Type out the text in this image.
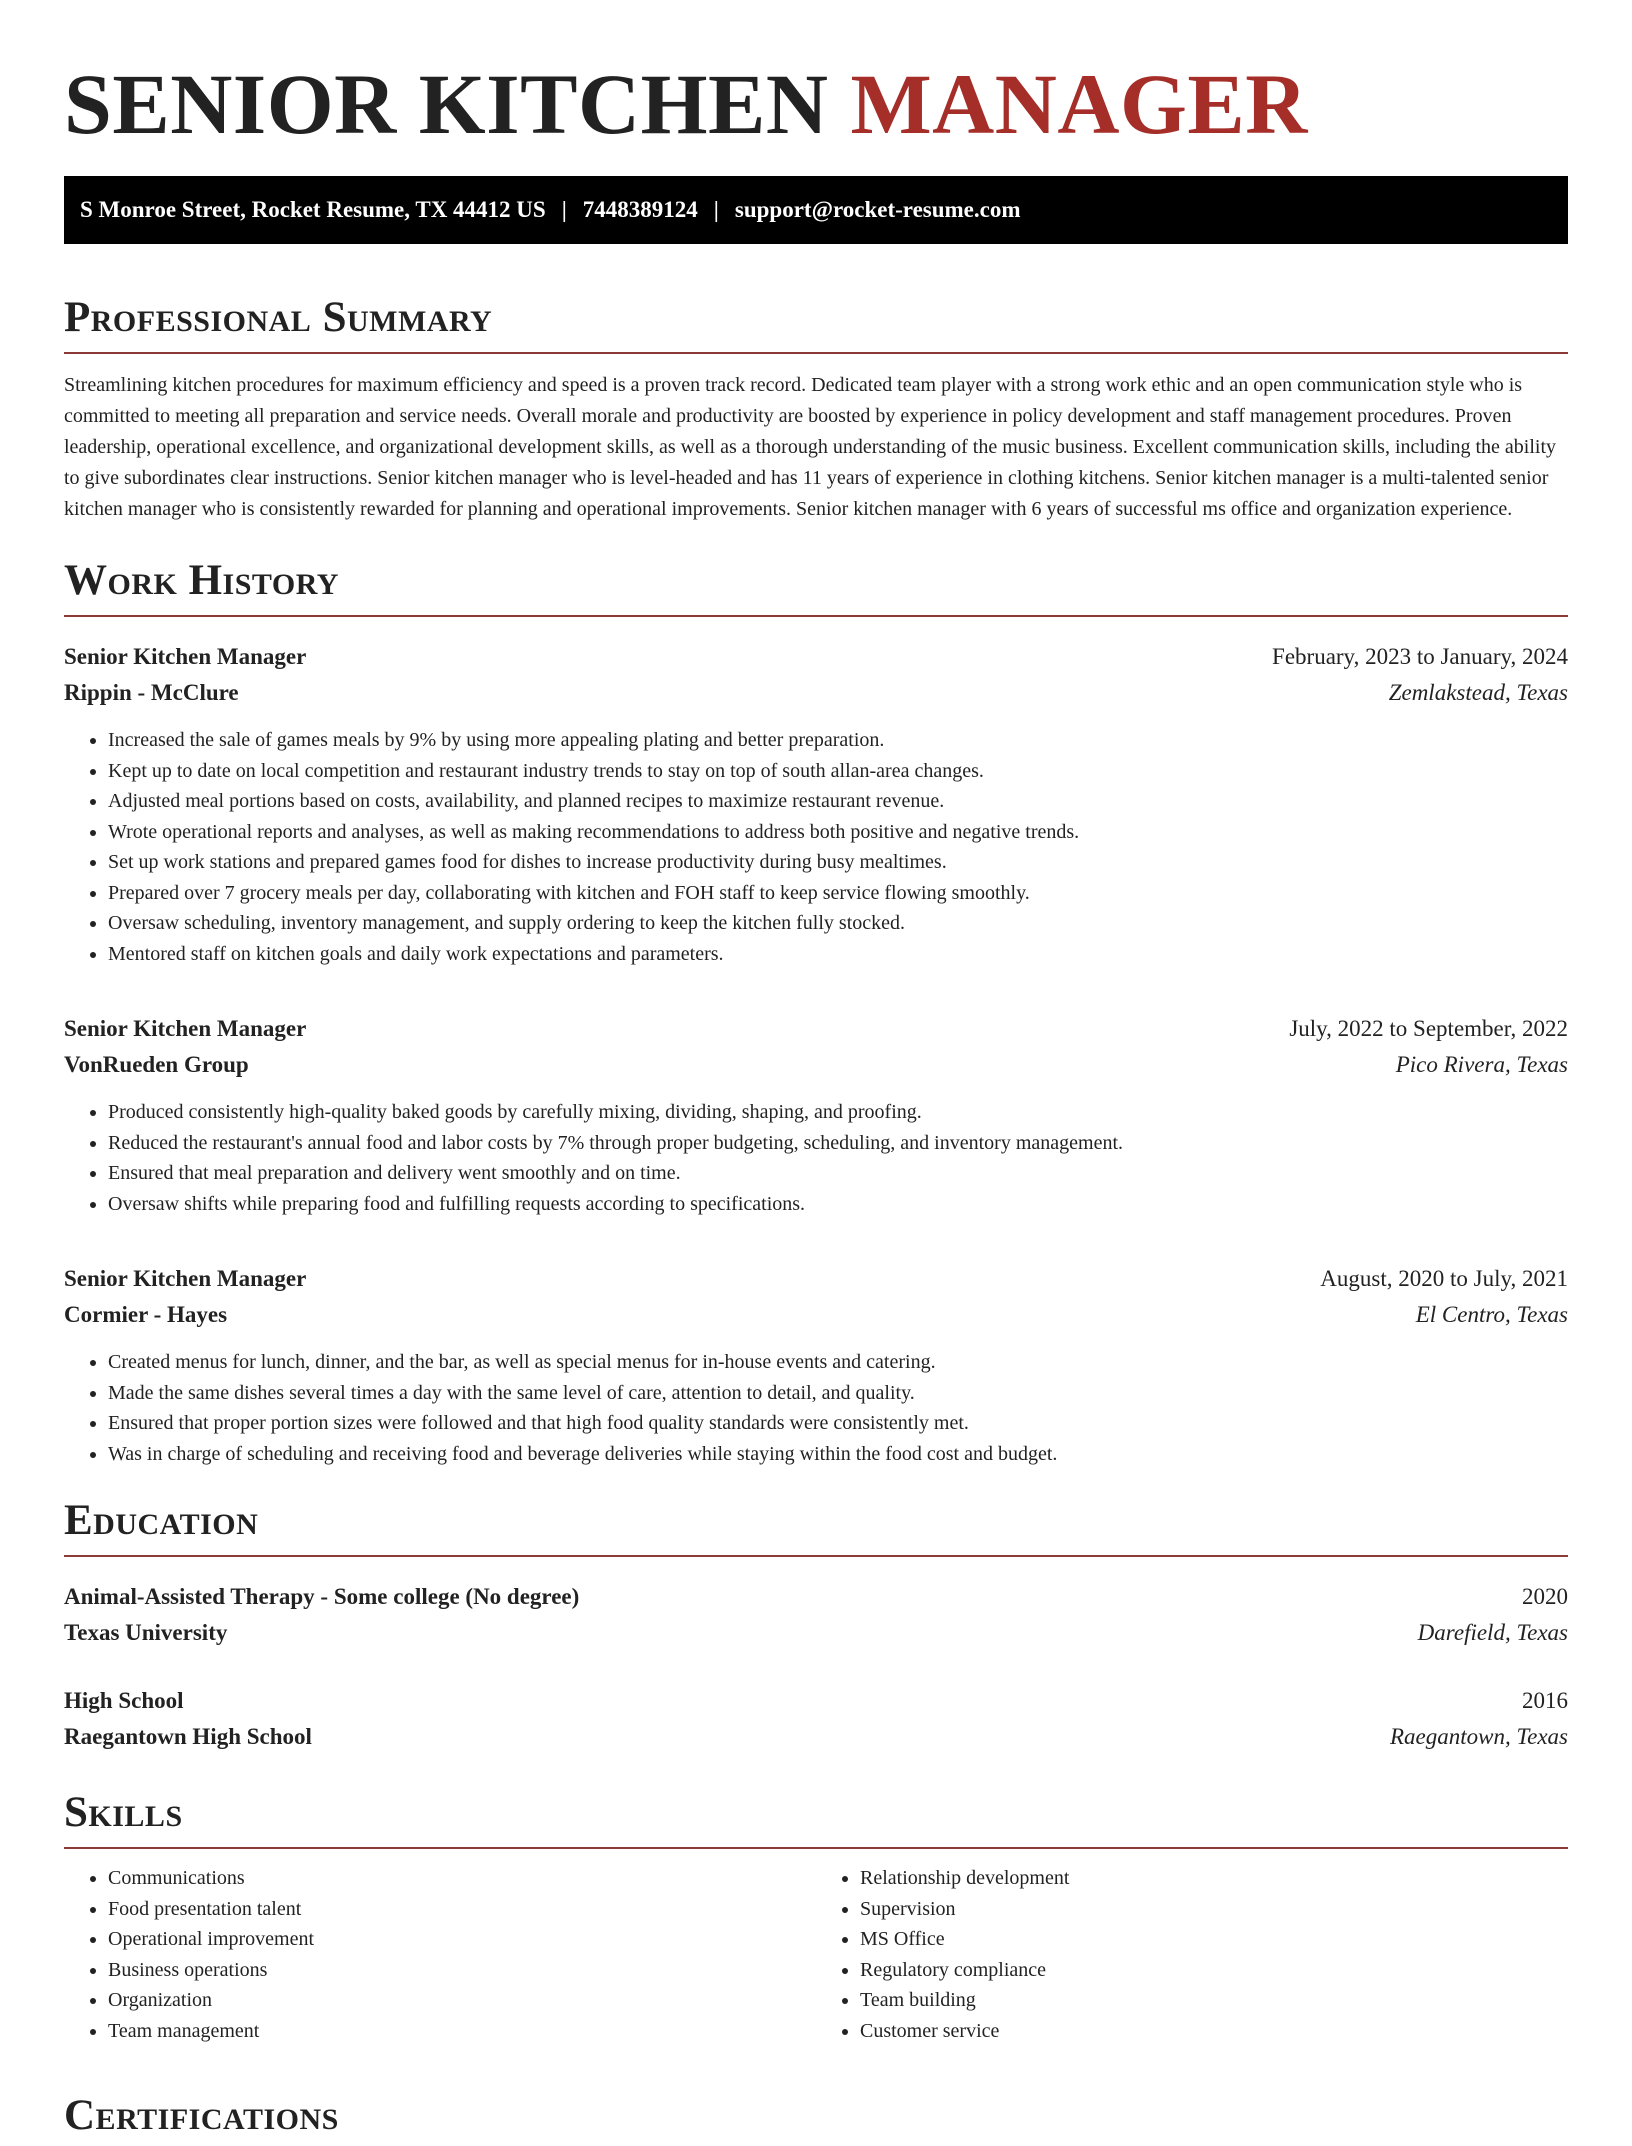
SENIOR KITCHEN MANAGER
S Monroe Street, Rocket Resume, TX 44412 US | 7448389124 | support@rocket-resume.com
Professional Summary

Streamlining kitchen procedures for maximum efficiency and speed is a proven track record. Dedicated team player with a strong work ethic and an open communication style who is committed to meeting all preparation and service needs. Overall morale and productivity are boosted by experience in policy development and staff management procedures. Proven leadership, operational excellence, and organizational development skills, as well as a thorough understanding of the music business. Excellent communication skills, including the ability to give subordinates clear instructions. Senior kitchen manager who is level-headed and has 11 years of experience in clothing kitchens. Senior kitchen manager is a multi-talented senior kitchen manager who is consistently rewarded for planning and operational improvements. Senior kitchen manager with 6 years of successful ms office and organization experience.

Work History
Senior Kitchen Manager	February, 2023 to January, 2024
Rippin - McClure	Zemlakstead, Texas
• Increased the sale of games meals by 9% by using more appealing plating and better preparation.
• Kept up to date on local competition and restaurant industry trends to stay on top of south allan-area changes.
• Adjusted meal portions based on costs, availability, and planned recipes to maximize restaurant revenue.
• Wrote operational reports and analyses, as well as making recommendations to address both positive and negative trends.
• Set up work stations and prepared games food for dishes to increase productivity during busy mealtimes.
• Prepared over 7 grocery meals per day, collaborating with kitchen and FOH staff to keep service flowing smoothly.
• Oversaw scheduling, inventory management, and supply ordering to keep the kitchen fully stocked.
• Mentored staff on kitchen goals and daily work expectations and parameters.
Senior Kitchen Manager	July, 2022 to September, 2022
VonRueden Group	Pico Rivera, Texas
• Produced consistently high-quality baked goods by carefully mixing, dividing, shaping, and proofing.
• Reduced the restaurant's annual food and labor costs by 7% through proper budgeting, scheduling, and inventory management.
• Ensured that meal preparation and delivery went smoothly and on time.
• Oversaw shifts while preparing food and fulfilling requests according to specifications.
Senior Kitchen Manager	August, 2020 to July, 2021
Cormier - Hayes	El Centro, Texas
• Created menus for lunch, dinner, and the bar, as well as special menus for in-house events and catering.
• Made the same dishes several times a day with the same level of care, attention to detail, and quality.
• Ensured that proper portion sizes were followed and that high food quality standards were consistently met.
• Was in charge of scheduling and receiving food and beverage deliveries while staying within the food cost and budget.
Education
Animal-Assisted Therapy - Some college (No degree)	2020
Texas University	Darefield, Texas
High School	2016
Raegantown High School	Raegantown, Texas
Skills
• Communications
• Food presentation talent
• Operational improvement
• Business operations
• Organization
• Team management
• Relationship development
• Supervision
• MS Office
• Regulatory compliance
• Team building
• Customer service
Certifications
